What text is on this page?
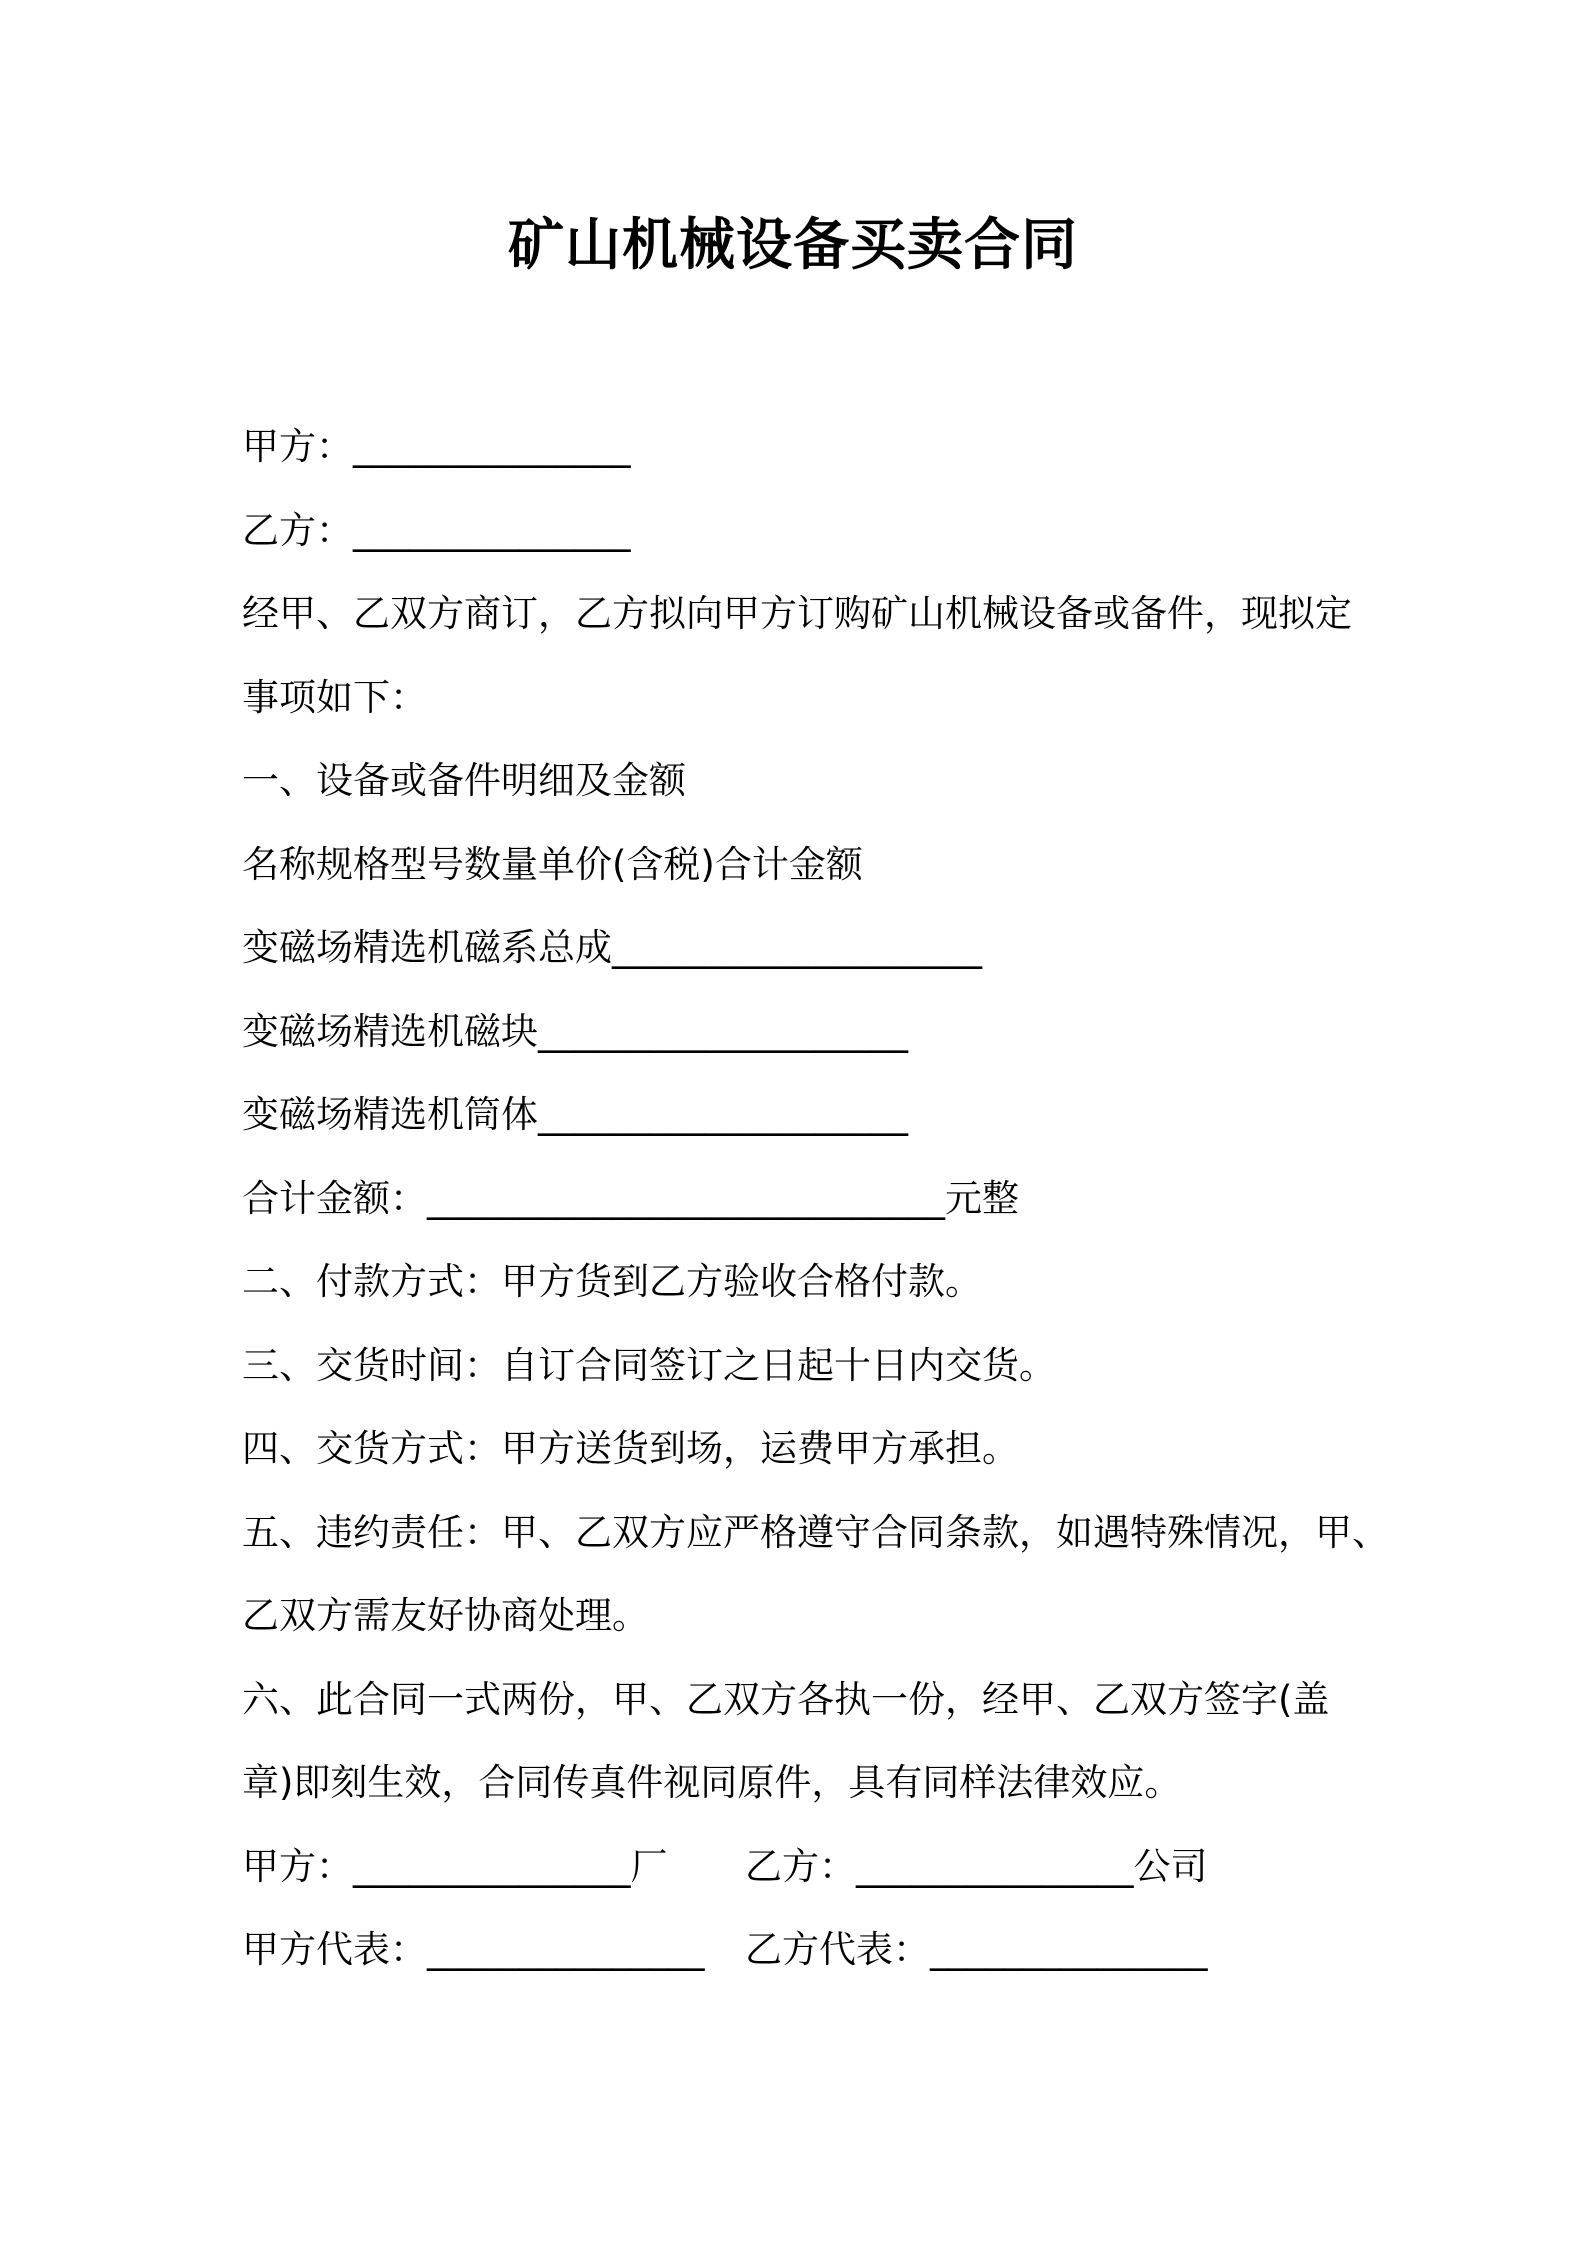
矿山机械设备买卖合同
甲方：_______________
乙方：_______________
经甲、乙双方商订，乙方拟向甲方订购矿山机械设备或备件，现拟定
事项如下：
一、设备或备件明细及金额
名称规格型号数量单价(含税)合计金额
变磁场精选机磁系总成____________________
变磁场精选机磁块____________________
变磁场精选机筒体____________________
合计金额：____________________________元整
二、付款方式：甲方货到乙方验收合格付款。
三、交货时间：自订合同签订之日起十日内交货。
四、交货方式：甲方送货到场，运费甲方承担。
五、违约责任：甲、乙双方应严格遵守合同条款，如遇特殊情况，甲、
乙双方需友好协商处理。
六、此合同一式两份，甲、乙双方各执一份，经甲、乙双方签字(盖
章)即刻生效，合同传真件视同原件，具有同样法律效应。
甲方：_______________厂	乙方：_______________公司
甲方代表：_______________	乙方代表：_______________
